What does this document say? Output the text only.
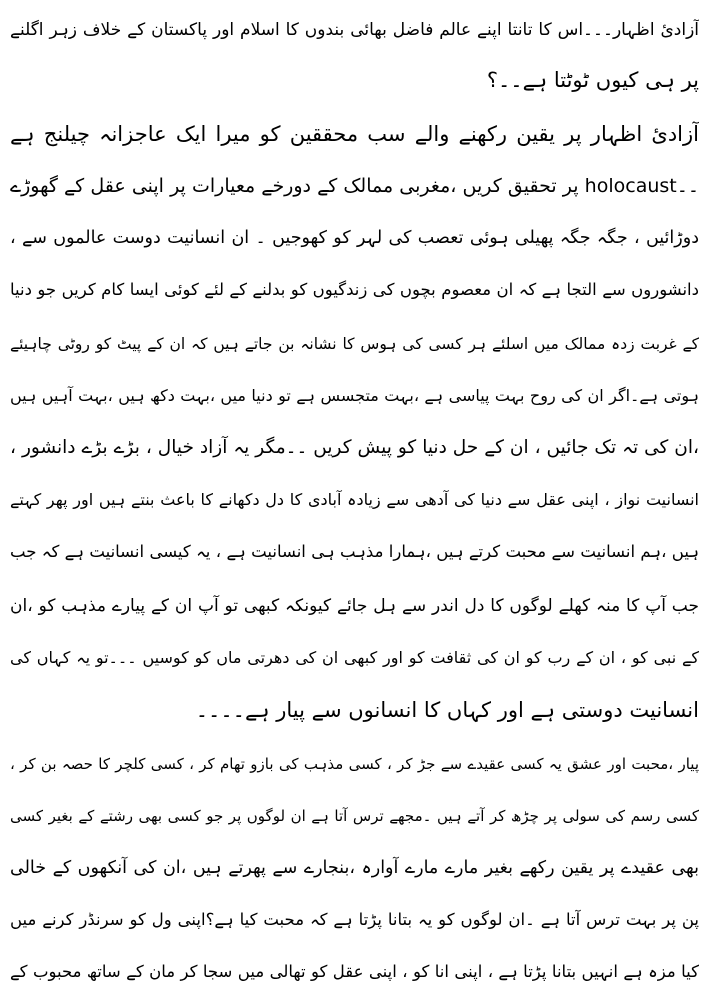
آزادیٔ اظہار۔۔۔اس کا تانتا اپنے عالم فاضل بھائی بندوں کا اسلام اور پاکستان کے خلاف زہر اگلنے
پر ہی کیوں ٹوٹتا ہے۔۔؟
آزادیٔ اظہار پر یقین رکھنے والے سب محققین کو میرا ایک عاجزانہ چیلنج ہے
۔۔holocaust پر تحقیق کریں ،مغربی ممالک کے دورخے معیارات پر اپنی عقل کے گھوڑے
دوڑائیں ، جگہ جگہ پھیلی ہوئی تعصب کی لہر کو کھوجیں ۔ ان انسانیت دوست عالموں سے ،
دانشوروں سے التجا ہے کہ ان معصوم بچوں کی زندگیوں کو بدلنے کے لئے کوئی ایسا کام کریں جو دنیا
کے غربت زدہ ممالک میں اسلئے ہر کسی کی ہوس کا نشانہ بن جاتے ہیں کہ ان کے پیٹ کو روٹی چاہیئے
ہوتی ہے۔اگر ان کی روح بہت پیاسی ہے ،بہت متجسس ہے تو دنیا میں ،بہت دکھ ہیں ،بہت آہیں ہیں
،ان کی تہ تک جائیں ، ان کے حل دنیا کو پیش کریں ۔۔مگر یہ آزاد خیال ، بڑے بڑے دانشور ،
انسانیت نواز ، اپنی عقل سے دنیا کی آدھی سے زیادہ آبادی کا دل دکھانے کا باعث بنتے ہیں اور پھر کہتے
ہیں ،ہم انسانیت سے محبت کرتے ہیں ،ہمارا مذہب ہی انسانیت ہے ، یہ کیسی انسانیت ہے کہ جب
جب آپ کا منہ کھلے لوگوں کا دل اندر سے ہل جائے کیونکہ کبھی تو آپ ان کے پیارے مذہب کو ،ان
کے نبی کو ، ان کے رب کو ان کی ثقافت کو اور کبھی ان کی دھرتی ماں کو کوسیں ۔۔۔تو یہ کہاں کی
انسانیت دوستی ہے اور کہاں کا انسانوں سے پیار ہے۔۔۔۔
پیار ،محبت اور عشق یہ کسی عقیدے سے جڑ کر ، کسی مذہب کی بازو تھام کر ، کسی کلچر کا حصہ بن کر ،
کسی رسم کی سولی پر چڑھ کر آتے ہیں ۔مجھے ترس آتا ہے ان لوگوں پر جو کسی بھی رشتے کے بغیر کسی
بھی عقیدے پر یقین رکھے بغیر مارے مارے آوارہ ،بنجارے سے پھرتے ہیں ،ان کی آنکھوں کے خالی
پن پر بہت ترس آتا ہے ۔ان لوگوں کو یہ بتانا پڑتا ہے کہ محبت کیا ہے؟اپنی ول کو سرنڈر کرنے میں
کیا مزہ ہے انہیں بتانا پڑتا ہے ، اپنی انا کو ، اپنی عقل کو تھالی میں سجا کر مان کے ساتھ محبوب کے
